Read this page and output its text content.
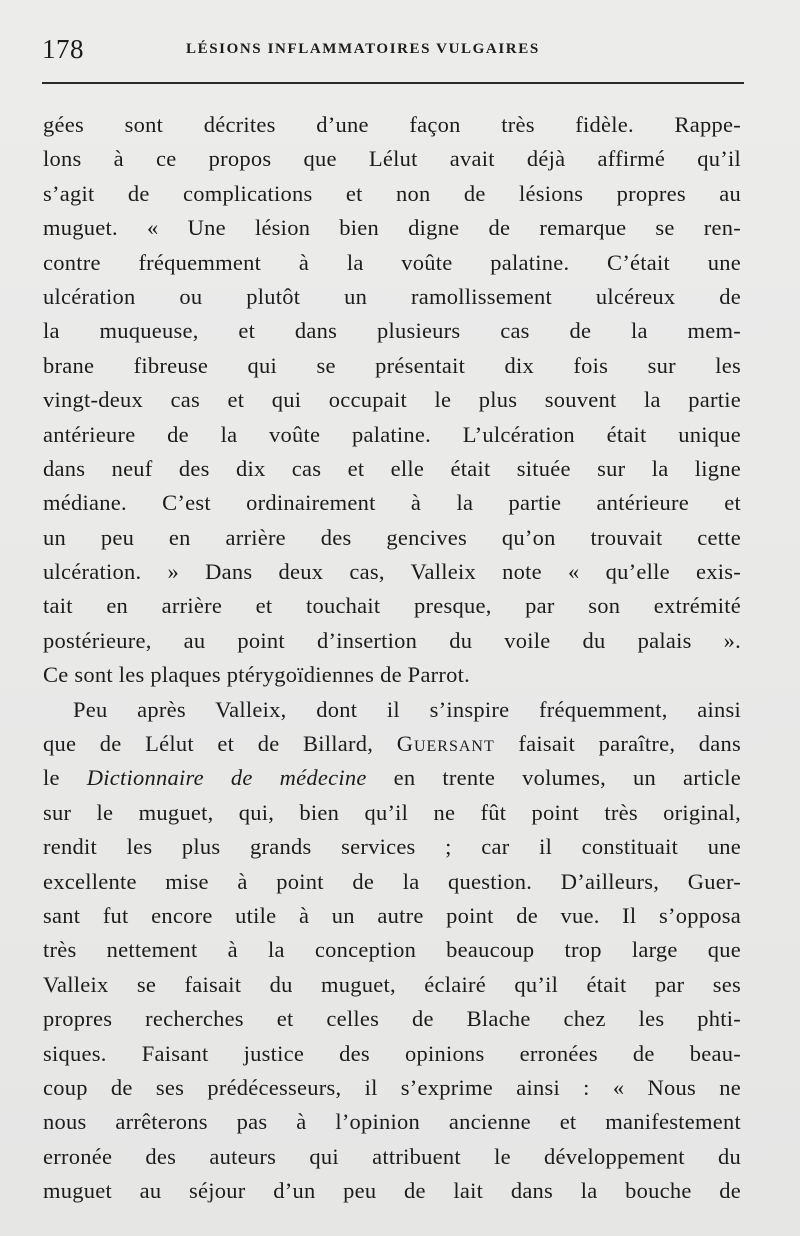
178	LÉSIONS INFLAMMATOIRES VULGAIRES
gées sont décrites d’une façon très fidèle. Rappe-
lons à ce propos que Lélut avait déjà affirmé qu’il
s’agit de complications et non de lésions propres au
muguet. « Une lésion bien digne de remarque se ren-
contre fréquemment à la voûte palatine. C’était une
ulcération ou plutôt un ramollissement ulcéreux de
la muqueuse, et dans plusieurs cas de la mem-
brane fibreuse qui se présentait dix fois sur les
vingt-deux cas et qui occupait le plus souvent la partie
antérieure de la voûte palatine. L’ulcération était unique
dans neuf des dix cas et elle était située sur la ligne
médiane. C’est ordinairement à la partie antérieure et
un peu en arrière des gencives qu’on trouvait cette
ulcération. » Dans deux cas, Valleix note « qu’elle exis-
tait en arrière et touchait presque, par son extrémité
postérieure, au point d’insertion du voile du palais ».
Ce sont les plaques ptérygoïdiennes de Parrot.
Peu après Valleix, dont il s’inspire fréquemment, ainsi
que de Lélut et de Billard, Guersant faisait paraître, dans
le Dictionnaire de médecine en trente volumes, un article
sur le muguet, qui, bien qu’il ne fût point très original,
rendit les plus grands services ; car il constituait une
excellente mise à point de la question. D’ailleurs, Guer-
sant fut encore utile à un autre point de vue. Il s’opposa
très nettement à la conception beaucoup trop large que
Valleix se faisait du muguet, éclairé qu’il était par ses
propres recherches et celles de Blache chez les phti-
siques. Faisant justice des opinions erronées de beau-
coup de ses prédécesseurs, il s’exprime ainsi : « Nous ne
nous arrêterons pas à l’opinion ancienne et manifestement
erronée des auteurs qui attribuent le développement du
muguet au séjour d’un peu de lait dans la bouche de
